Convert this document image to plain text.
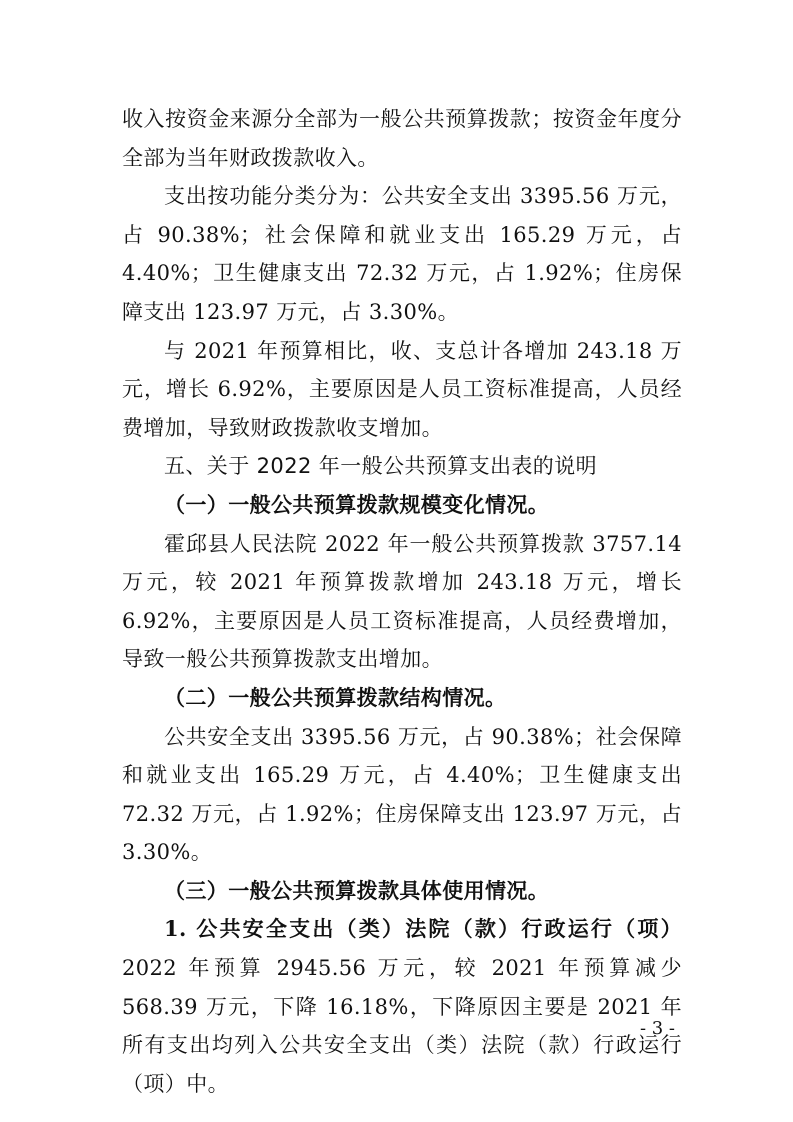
收入按资金来源分全部为一般公共预算拨款；按资金年度分全部为当年财政拨款收入。

支出按功能分类分为：公共安全支出 3395.56 万元，占 90.38%；社会保障和就业支出 165.29 万元，占 4.40%；卫生健康支出 72.32 万元，占 1.92%；住房保障支出 123.97 万元，占 3.30%。

与 2021 年预算相比，收、支总计各增加 243.18 万元，增长 6.92%，主要原因是人员工资标准提高，人员经费增加，导致财政拨款收支增加。

五、关于 2022 年一般公共预算支出表的说明

（一）一般公共预算拨款规模变化情况。

霍邱县人民法院 2022 年一般公共预算拨款 3757.14 万元，较 2021 年预算拨款增加 243.18 万元，增长 6.92%，主要原因是人员工资标准提高，人员经费增加，导致一般公共预算拨款支出增加。

（二）一般公共预算拨款结构情况。

公共安全支出 3395.56 万元，占 90.38%；社会保障和就业支出 165.29 万元，占 4.40%；卫生健康支出 72.32 万元，占 1.92%；住房保障支出 123.97 万元，占 3.30%。

（三）一般公共预算拨款具体使用情况。

1. 公共安全支出（类）法院（款）行政运行（项）2022 年预算 2945.56 万元，较 2021 年预算减少 568.39 万元，下降 16.18%，下降原因主要是 2021 年所有支出均列入公共安全支出（类）法院（款）行政运行（项）中。

- 3 -
